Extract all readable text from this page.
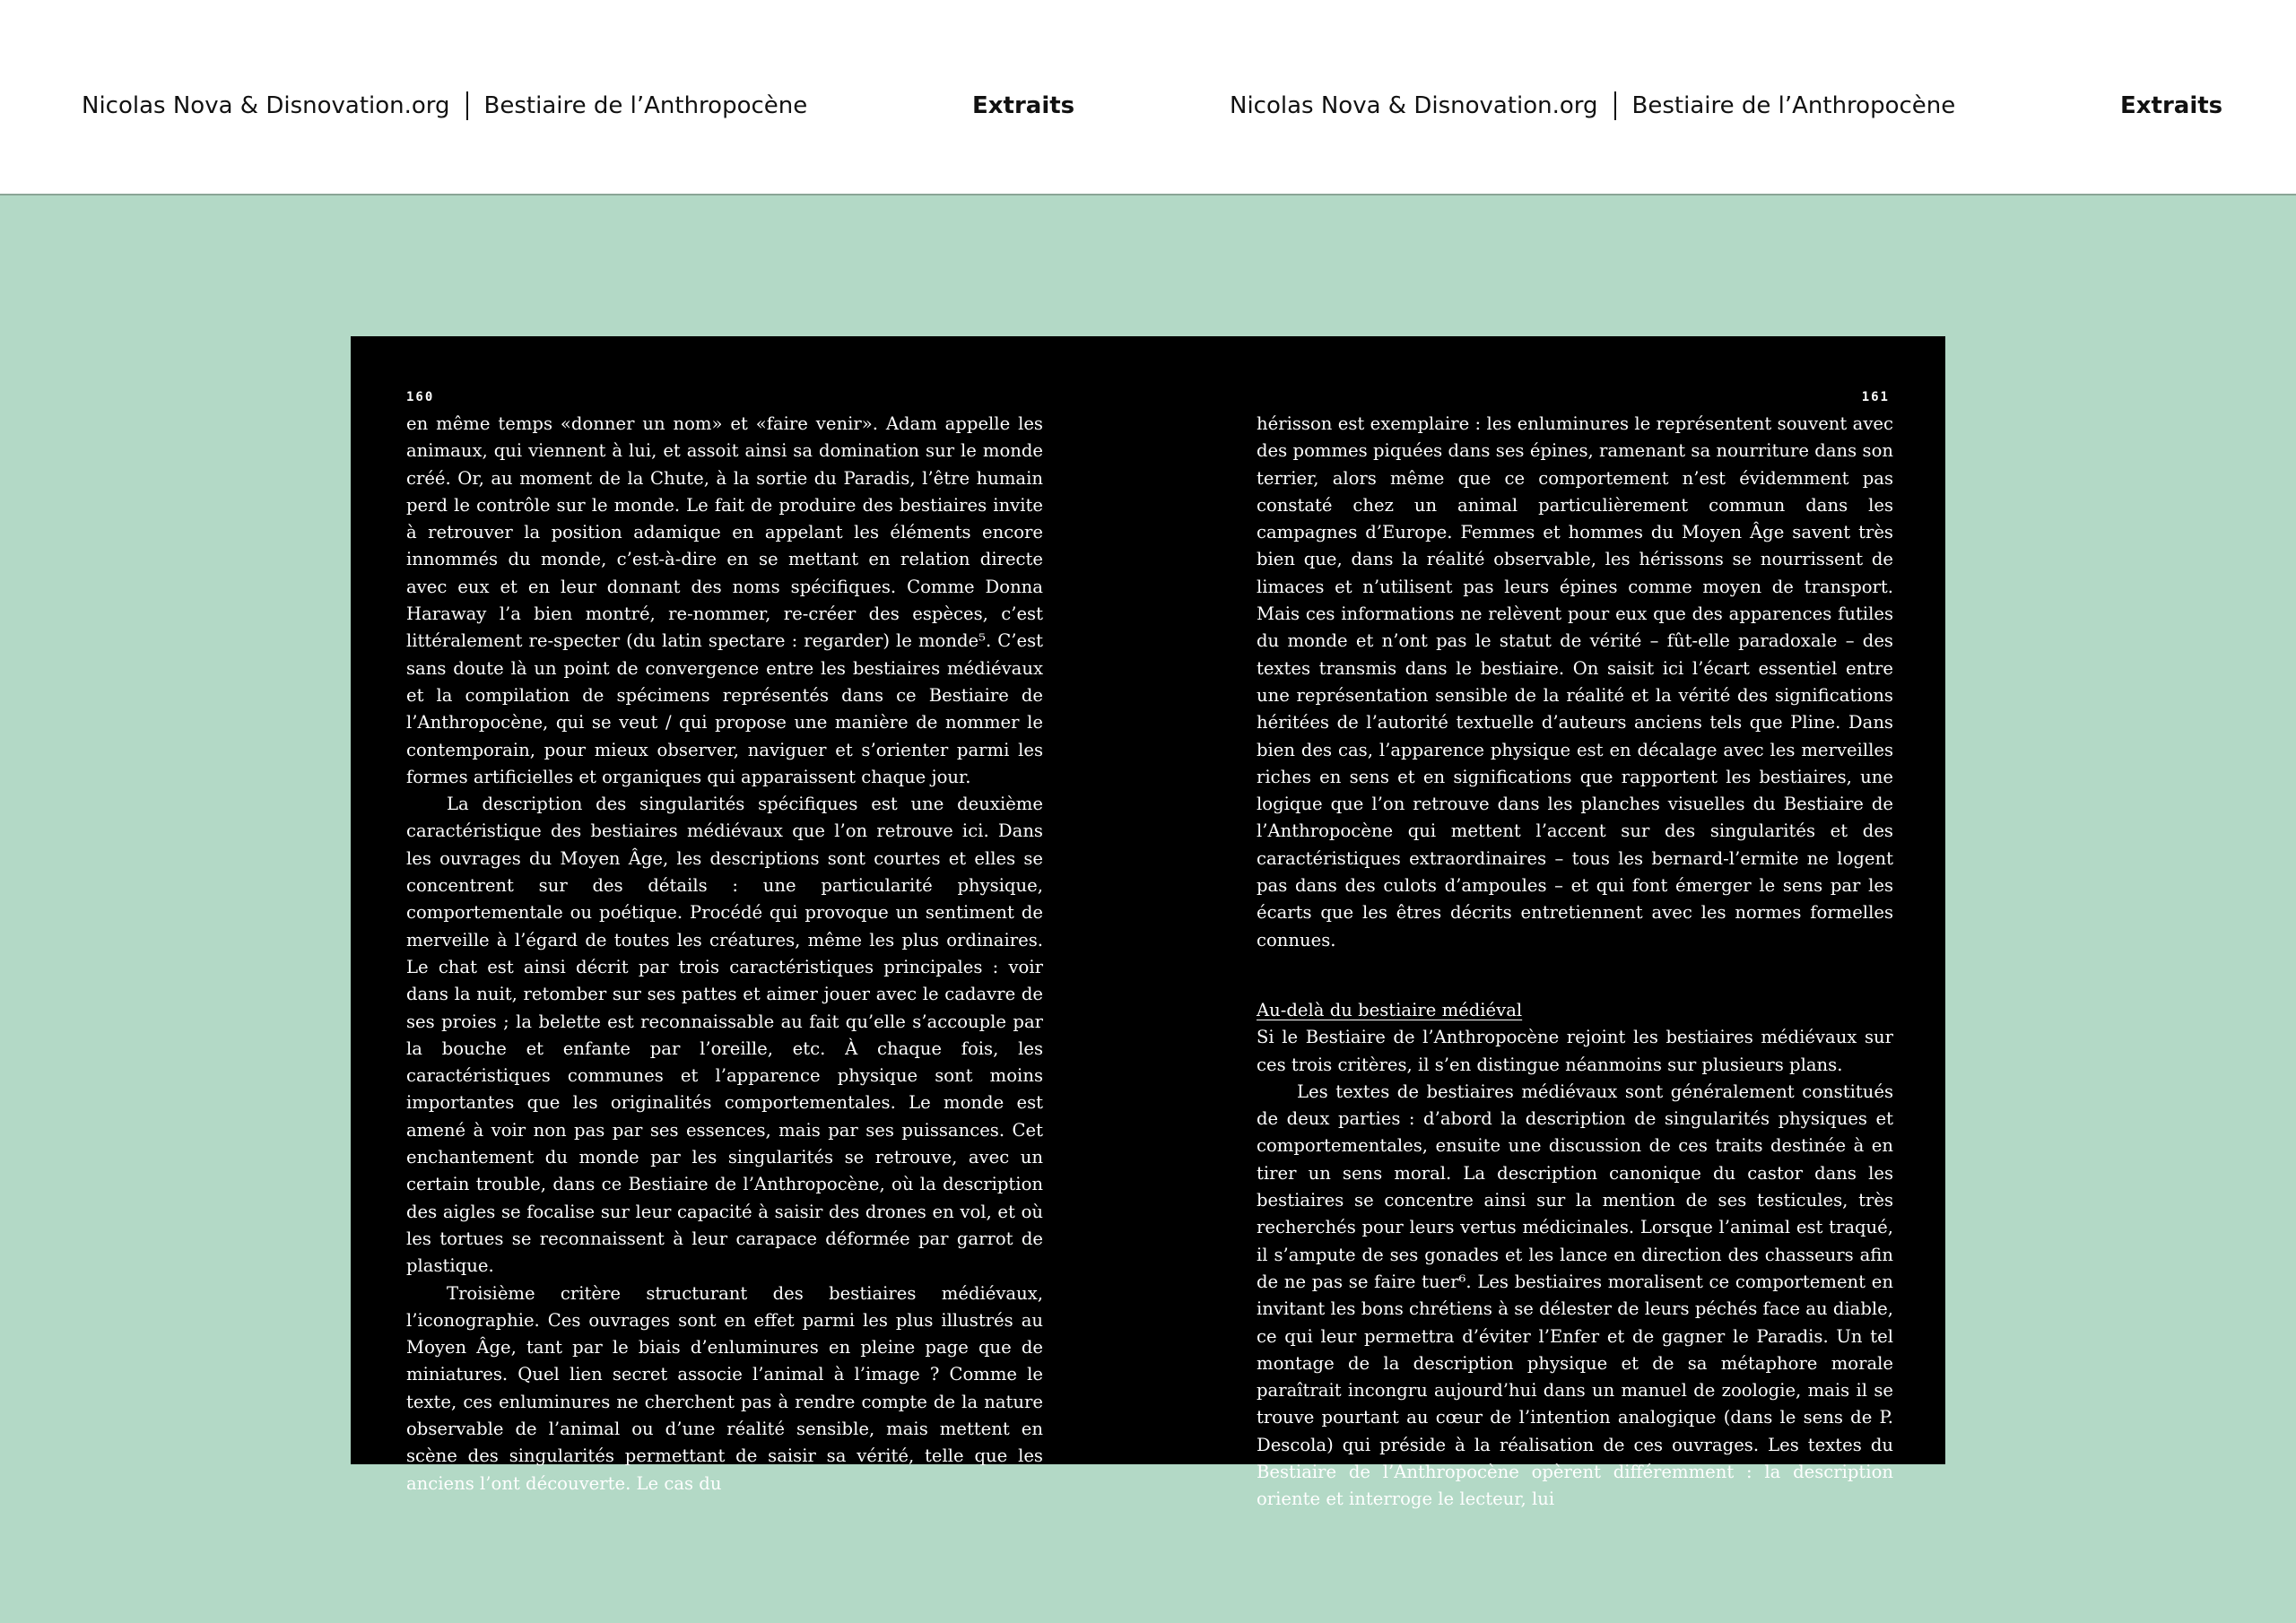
Nicolas Nova & Disnovation.org Bestiaire de l’Anthropocène	Extraits	Nicolas Nova & Disnovation.org Bestiaire de l’Anthropocène	Extraits
160	161

en même temps «donner un nom» et «faire venir». Adam appelle les animaux, qui viennent à lui, et assoit ainsi sa domination sur le monde créé. Or, au moment de la Chute, à la sortie du Paradis, l’être humain perd le contrôle sur le monde. Le fait de produire des bestiaires invite à retrouver la position adamique en appelant les éléments encore innommés du monde, c’est-à-dire en se mettant en relation directe avec eux et en leur donnant des noms spécifiques. Comme Donna Haraway l’a bien montré, re-nommer, re-créer des espèces, c’est littéralement re-specter (du latin spectare : regarder) le monde⁵. C’est sans doute là un point de convergence entre les bestiaires médiévaux et la compilation de spécimens représentés dans ce Bestiaire de l’Anthropocène, qui se veut / qui propose une manière de nommer le contemporain, pour mieux observer, naviguer et s’orienter parmi les formes artificielles et organiques qui apparaissent chaque jour.

La description des singularités spécifiques est une deuxième caractéristique des bestiaires médiévaux que l’on retrouve ici. Dans les ouvrages du Moyen Âge, les descriptions sont courtes et elles se concentrent sur des détails : une particularité physique, comportementale ou poétique. Procédé qui provoque un sentiment de merveille à l’égard de toutes les créatures, même les plus ordinaires. Le chat est ainsi décrit par trois caractéristiques principales : voir dans la nuit, retomber sur ses pattes et aimer jouer avec le cadavre de ses proies ; la belette est reconnaissable au fait qu’elle s’accouple par la bouche et enfante par l’oreille, etc. À chaque fois, les caractéristiques communes et l’apparence physique sont moins importantes que les originalités comportementales. Le monde est amené à voir non pas par ses essences, mais par ses puissances. Cet enchantement du monde par les singularités se retrouve, avec un certain trouble, dans ce Bestiaire de l’Anthropocène, où la description des aigles se focalise sur leur capacité à saisir des drones en vol, et où les tortues se reconnaissent à leur carapace déformée par garrot de plastique.

Troisième critère structurant des bestiaires médiévaux, l’iconographie. Ces ouvrages sont en effet parmi les plus illustrés au Moyen Âge, tant par le biais d’enluminures en pleine page que de miniatures. Quel lien secret associe l’animal à l’image ? Comme le texte, ces enluminures ne cherchent pas à rendre compte de la nature observable de l’animal ou d’une réalité sensible, mais mettent en scène des singularités permettant de saisir sa vérité, telle que les anciens l’ont découverte. Le cas du

hérisson est exemplaire : les enluminures le représentent souvent avec des pommes piquées dans ses épines, ramenant sa nourriture dans son terrier, alors même que ce comportement n’est évidemment pas constaté chez un animal particulièrement commun dans les campagnes d’Europe. Femmes et hommes du Moyen Âge savent très bien que, dans la réalité observable, les hérissons se nourrissent de limaces et n’utilisent pas leurs épines comme moyen de transport. Mais ces informations ne relèvent pour eux que des apparences futiles du monde et n’ont pas le statut de vérité – fût-elle paradoxale – des textes transmis dans le bestiaire. On saisit ici l’écart essentiel entre une représentation sensible de la réalité et la vérité des significations héritées de l’autorité textuelle d’auteurs anciens tels que Pline. Dans bien des cas, l’apparence physique est en décalage avec les merveilles riches en sens et en significations que rapportent les bestiaires, une logique que l’on retrouve dans les planches visuelles du Bestiaire de l’Anthropocène qui mettent l’accent sur des singularités et des caractéristiques extraordinaires – tous les bernard-l’ermite ne logent pas dans des culots d’ampoules – et qui font émerger le sens par les écarts que les êtres décrits entretiennent avec les normes formelles connues.

Au-delà du bestiaire médiéval

Si le Bestiaire de l’Anthropocène rejoint les bestiaires médiévaux sur ces trois critères, il s’en distingue néanmoins sur plusieurs plans.

Les textes de bestiaires médiévaux sont généralement constitués de deux parties : d’abord la description de singularités physiques et comportementales, ensuite une discussion de ces traits destinée à en tirer un sens moral. La description canonique du castor dans les bestiaires se concentre ainsi sur la mention de ses testicules, très recherchés pour leurs vertus médicinales. Lorsque l’animal est traqué, il s’ampute de ses gonades et les lance en direction des chasseurs afin de ne pas se faire tuer⁶. Les bestiaires moralisent ce comportement en invitant les bons chrétiens à se délester de leurs péchés face au diable, ce qui leur permettra d’éviter l’Enfer et de gagner le Paradis. Un tel montage de la description physique et de sa métaphore morale paraîtrait incongru aujourd’hui dans un manuel de zoologie, mais il se trouve pourtant au cœur de l’intention analogique (dans le sens de P. Descola) qui préside à la réalisation de ces ouvrages. Les textes du Bestiaire de l’Anthropocène opèrent différemment : la description oriente et interroge le lecteur, lui
